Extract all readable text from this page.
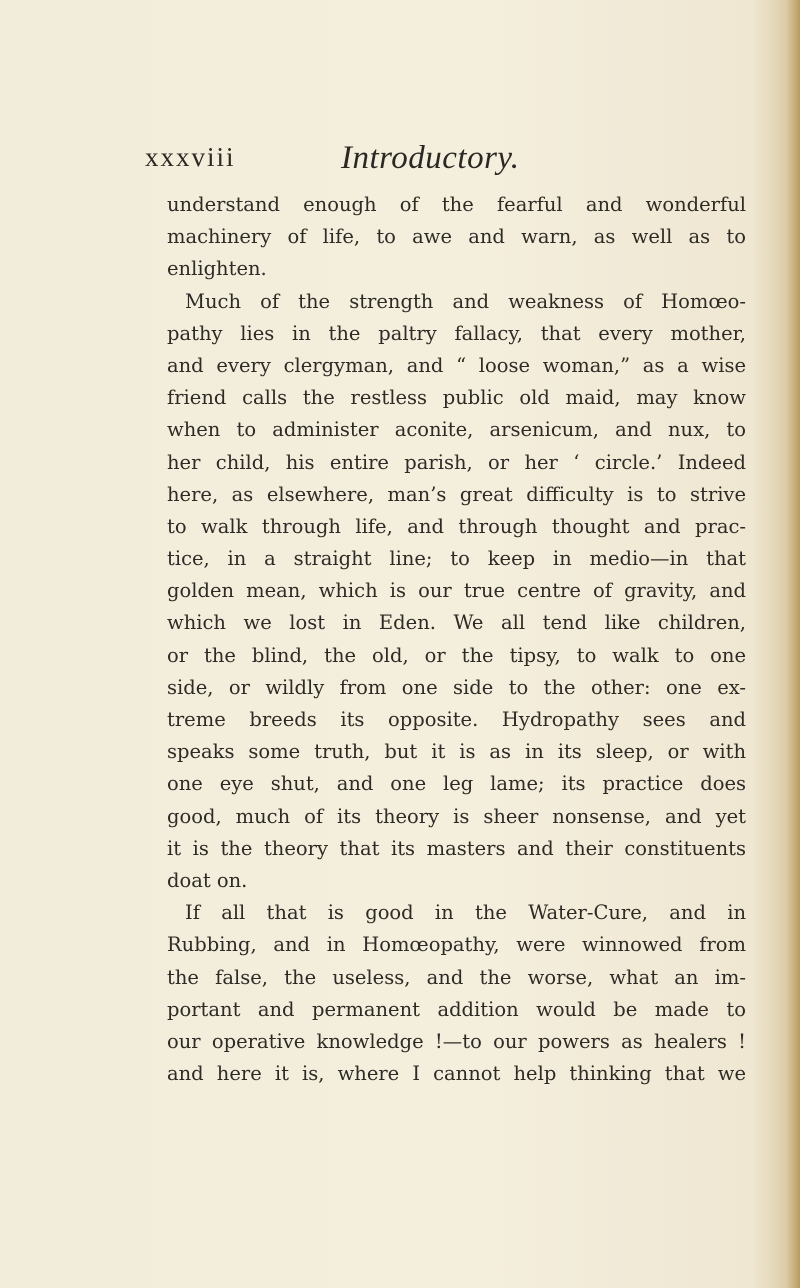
xxxviii	Introductory.
understand enough of the fearful and wonderful
machinery of life, to awe and warn, as well as to
enlighten.
Much of the strength and weakness of Homœo-
pathy lies in the paltry fallacy, that every mother,
and every clergyman, and “ loose woman,” as a wise
friend calls the restless public old maid, may know
when to administer aconite, arsenicum, and nux, to
her child, his entire parish, or her ‘ circle.’ Indeed
here, as elsewhere, man’s great difficulty is to strive
to walk through life, and through thought and prac-
tice, in a straight line; to keep in medio—in that
golden mean, which is our true centre of gravity, and
which we lost in Eden. We all tend like children,
or the blind, the old, or the tipsy, to walk to one
side, or wildly from one side to the other: one ex-
treme breeds its opposite. Hydropathy sees and
speaks some truth, but it is as in its sleep, or with
one eye shut, and one leg lame; its practice does
good, much of its theory is sheer nonsense, and yet
it is the theory that its masters and their constituents
doat on.
If all that is good in the Water-Cure, and in
Rubbing, and in Homœopathy, were winnowed from
the false, the useless, and the worse, what an im-
portant and permanent addition would be made to
our operative knowledge !—to our powers as healers !
and here it is, where I cannot help thinking that we
